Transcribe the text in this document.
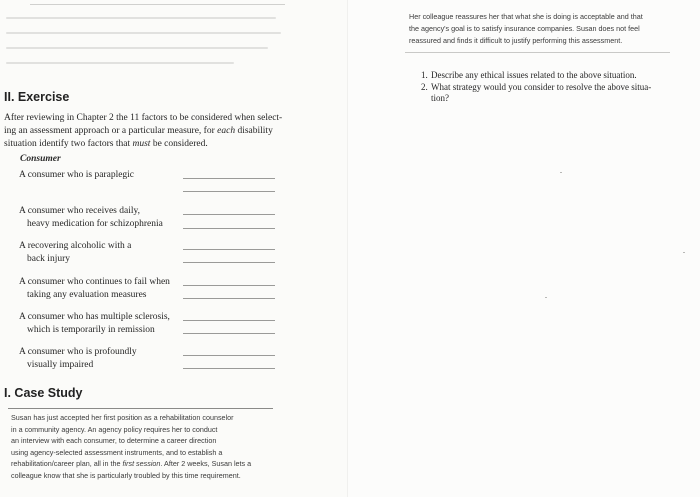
II. Exercise

After reviewing in Chapter 2 the 11 factors to be considered when select-
ing an assessment approach or a particular measure, for each disability
situation identify two factors that must be considered.

Consumer

A consumer who is paraplegic
A consumer who receives daily,
heavy medication for schizophrenia
A recovering alcoholic with a
back injury
A consumer who continues to fail when
taking any evaluation measures
A consumer who has multiple sclerosis,
which is temporarily in remission
A consumer who is profoundly
visually impaired
I. Case Study

Susan has just accepted her first position as a rehabilitation counselor
in a community agency. An agency policy requires her to conduct
an interview with each consumer, to determine a career direction
using agency-selected assessment instruments, and to establish a
rehabilitation/career plan, all in the first session. After 2 weeks, Susan lets a
colleague know that she is particularly troubled by this time requirement.

Her colleague reassures her that what she is doing is acceptable and that
the agency's goal is to satisfy insurance companies. Susan does not feel
reassured and finds it difficult to justify performing this assessment.

1. Describe any ethical issues related to the above situation.
2. What strategy would you consider to resolve the above situa-
tion?
